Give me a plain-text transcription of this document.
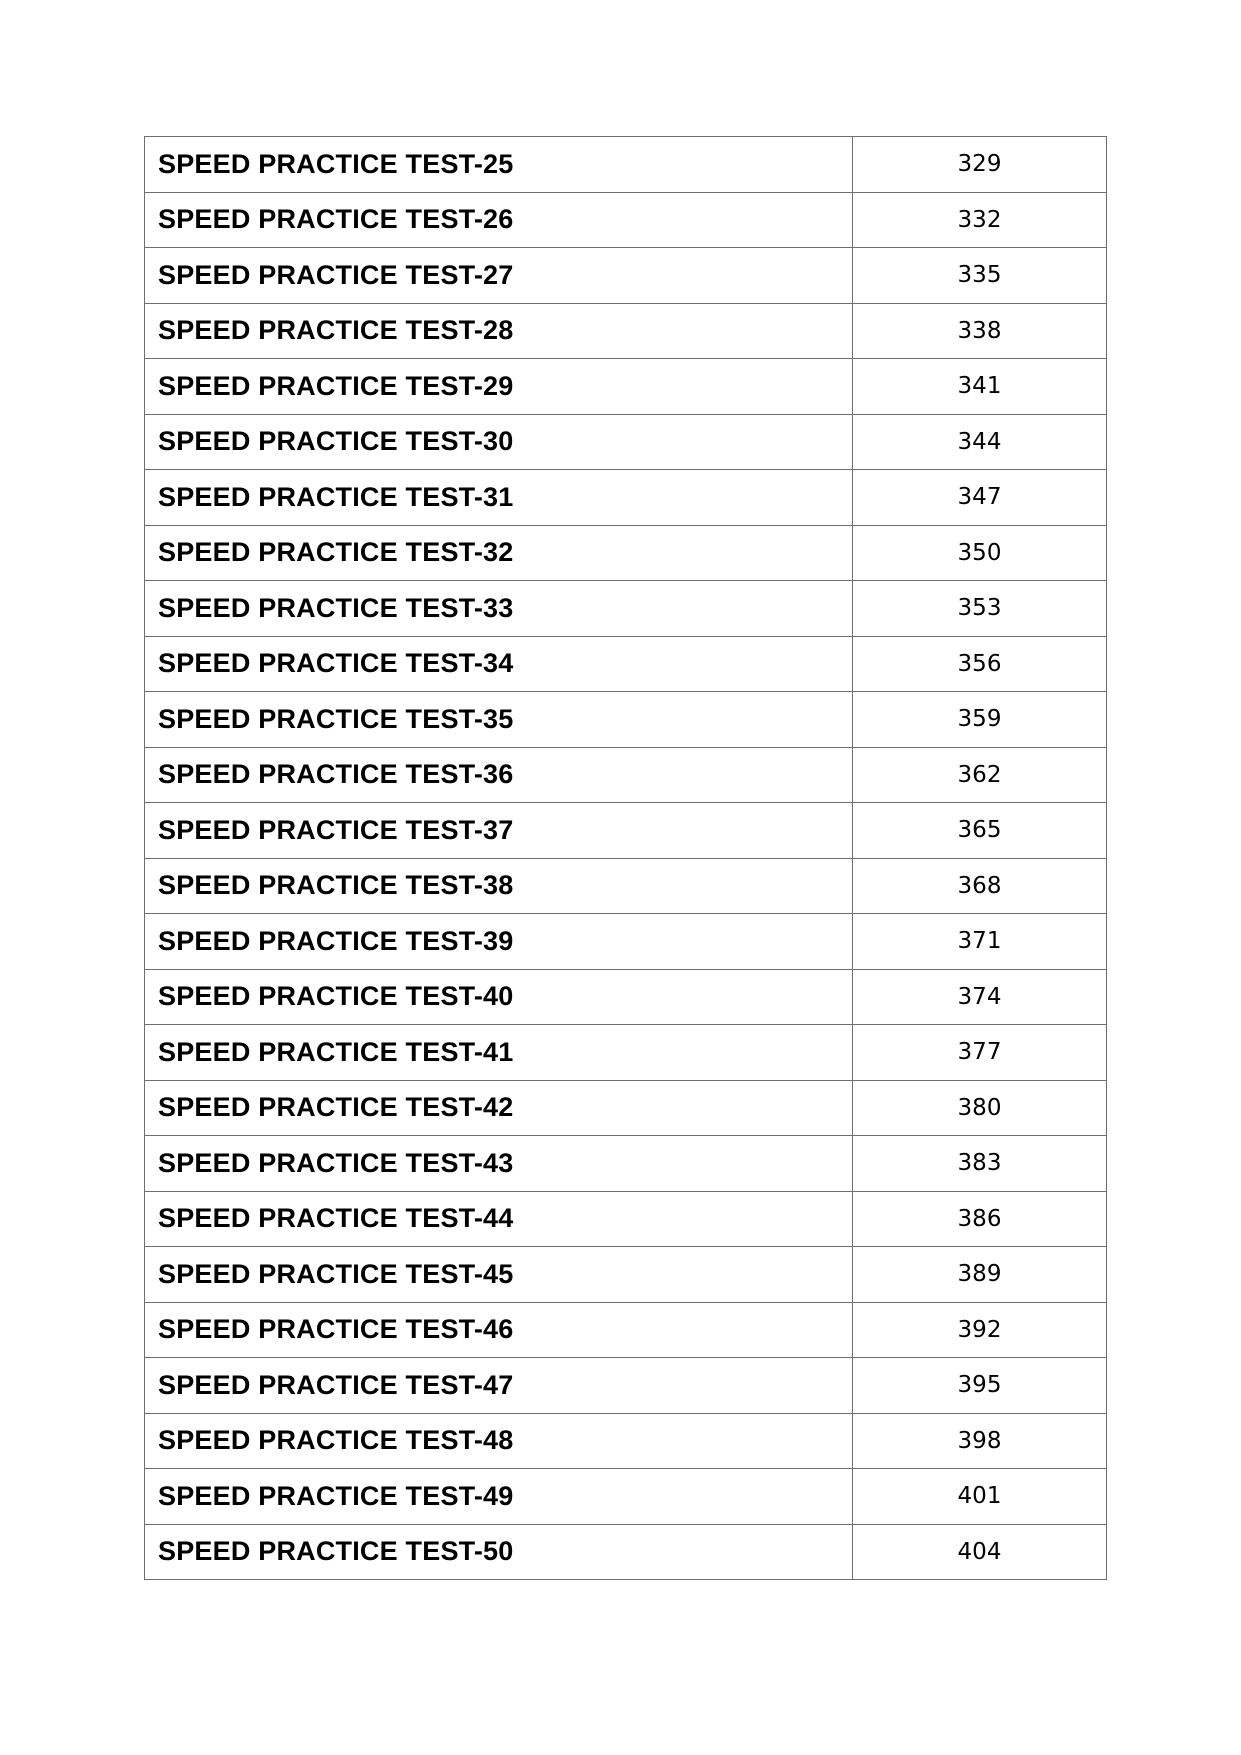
SPEED PRACTICE TEST-25	329
SPEED PRACTICE TEST-26	332
SPEED PRACTICE TEST-27	335
SPEED PRACTICE TEST-28	338
SPEED PRACTICE TEST-29	341
SPEED PRACTICE TEST-30	344
SPEED PRACTICE TEST-31	347
SPEED PRACTICE TEST-32	350
SPEED PRACTICE TEST-33	353
SPEED PRACTICE TEST-34	356
SPEED PRACTICE TEST-35	359
SPEED PRACTICE TEST-36	362
SPEED PRACTICE TEST-37	365
SPEED PRACTICE TEST-38	368
SPEED PRACTICE TEST-39	371
SPEED PRACTICE TEST-40	374
SPEED PRACTICE TEST-41	377
SPEED PRACTICE TEST-42	380
SPEED PRACTICE TEST-43	383
SPEED PRACTICE TEST-44	386
SPEED PRACTICE TEST-45	389
SPEED PRACTICE TEST-46	392
SPEED PRACTICE TEST-47	395
SPEED PRACTICE TEST-48	398
SPEED PRACTICE TEST-49	401
SPEED PRACTICE TEST-50	404
